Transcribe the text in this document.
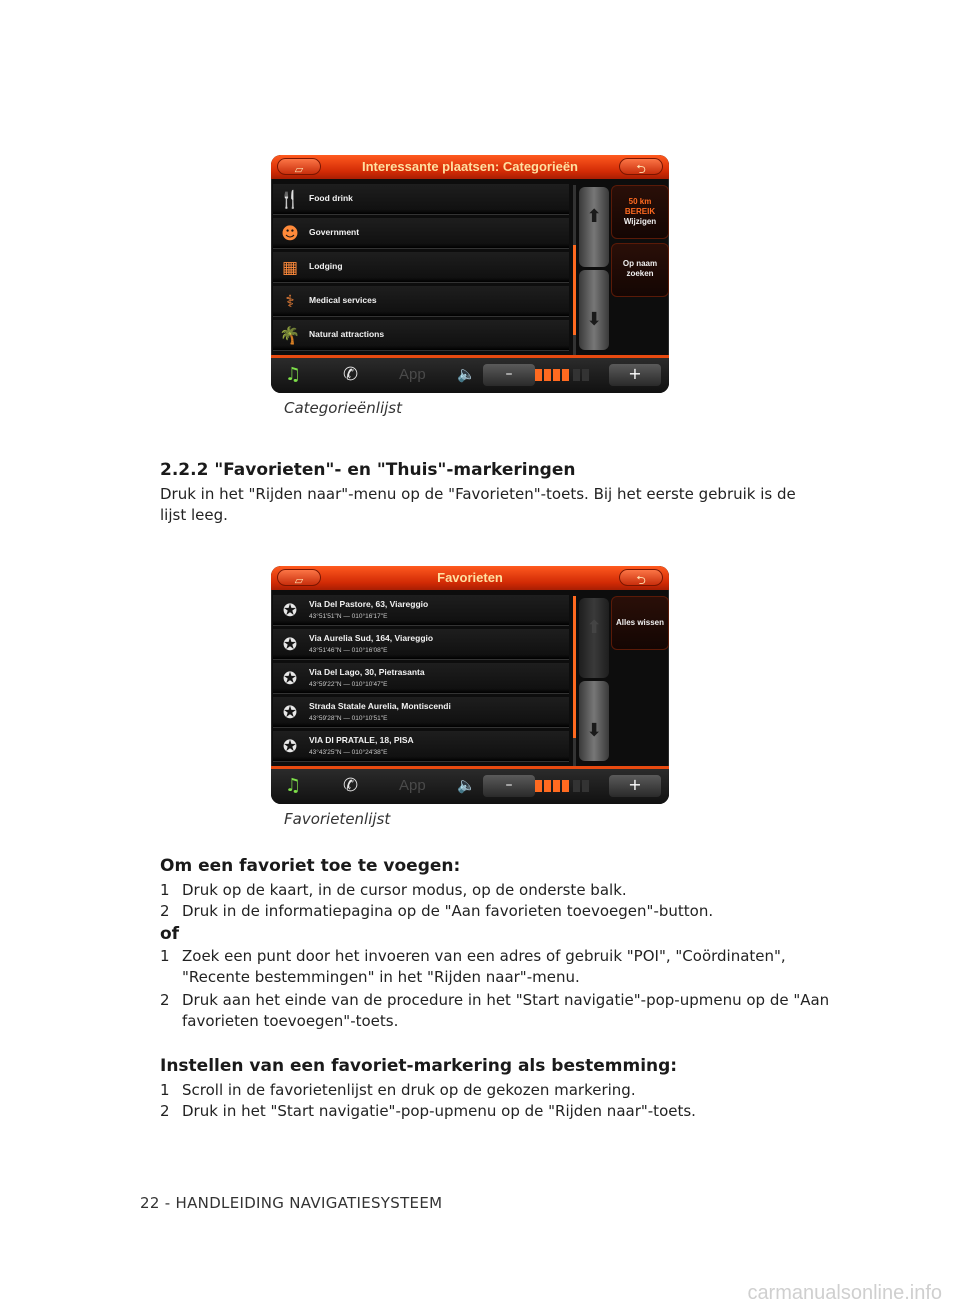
▱	Interessante plaatsen: Categorieën	⮌
🍴 Food drink
☻ Government
▦	Lodging
⚕	Medical services
🌴 Natural attractions
⬆
⬇
50 km
BEREIK
Wijzigen
Op naam
zoeken
♫ ✆	App 🔈	–	+
Categorieënlijst
2.2.2 "Favorieten"- en "Thuis"-markeringen
Druk in het "Rijden naar"-menu op de "Favorieten"-toets. Bij het eerste gebruik is de
lijst leeg.
▱	Favorieten	⮌
✪	Via Del Pastore, 63, Viareggio
43°51'51"N — 010°16'17"E
✪	Via Aurelia Sud, 164, Viareggio
43°51'46"N — 010°16'08"E
✪	Via Del Lago, 30, Pietrasanta
43°59'22"N — 010°10'47"E
✪	Strada Statale Aurelia, Montiscendi
43°59'28"N — 010°10'51"E
✪	VIA DI PRATALE, 18, PISA
43°43'25"N — 010°24'38"E
⬆
⬇
Alles wissen
♫ ✆	App 🔈	–	+
Favorietenlijst
Om een favoriet toe te voegen:
1 Druk op de kaart, in de cursor modus, op de onderste balk.
2 Druk in de informatiepagina op de "Aan favorieten toevoegen"-button.
of
1 Zoek een punt door het invoeren van een adres of gebruik "POI", "Coördinaten", "Recente bestemmingen" in het "Rijden naar"-menu.
2 Druk aan het einde van de procedure in het "Start navigatie"-pop-upmenu op de "Aan favorieten toevoegen"-toets.
Instellen van een favoriet-markering als bestemming:
1 Scroll in de favorietenlijst en druk op de gekozen markering.
2 Druk in het "Start navigatie"-pop-upmenu op de "Rijden naar"-toets.
22 - HANDLEIDING NAVIGATIESYSTEEM
carmanualsonline.info
